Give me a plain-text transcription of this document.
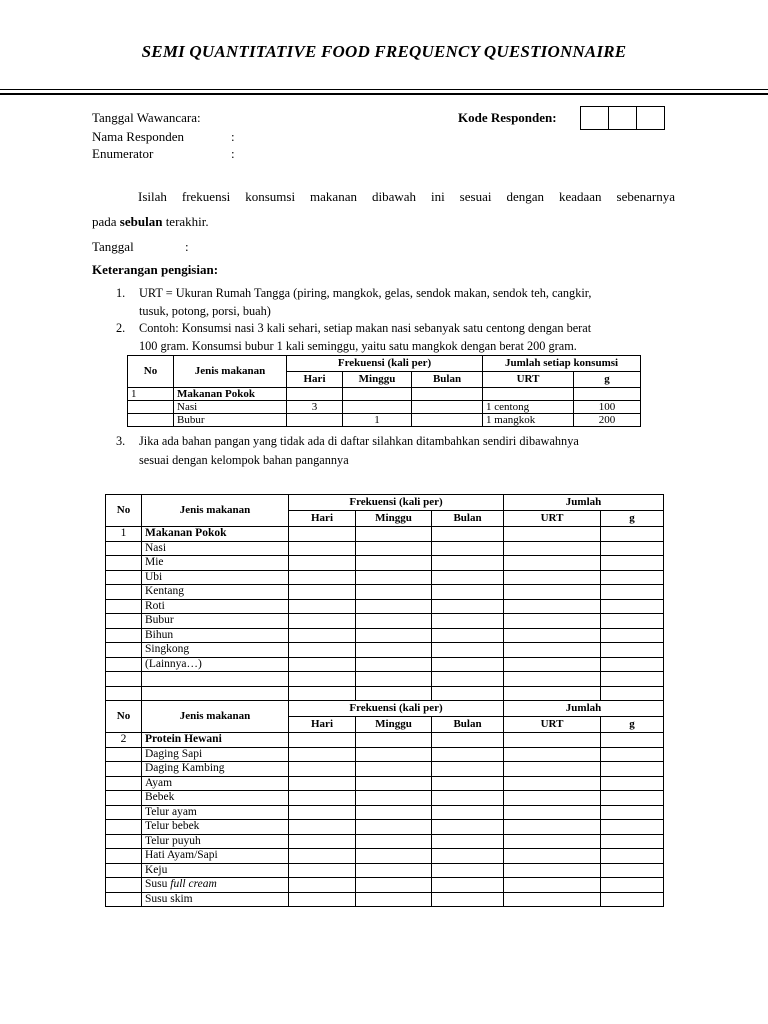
SEMI QUANTITATIVE FOOD FREQUENCY QUESTIONNAIRE
Tanggal Wawancara:	Kode Responden:
Nama Responden	:
Enumerator	:
Isilah frekuensi konsumsi makanan dibawah ini sesuai dengan keadaan sebenarnya
pada sebulan terakhir.
Tanggal	:
Keterangan pengisian:
1. URT = Ukuran Rumah Tangga (piring, mangkok, gelas, sendok makan, sendok teh, cangkir,
tusuk, potong, porsi, buah)
2. Contoh: Konsumsi nasi 3 kali sehari, setiap makan nasi sebanyak satu centong dengan berat
100 gram. Konsumsi bubur 1 kali seminggu, yaitu satu mangkok dengan berat 200 gram.
No	Jenis makanan	Frekuensi (kali per)			Jumlah setiap konsumsi	
		Hari	Minggu	Bulan	URT	g
1	Makanan Pokok					
	Nasi	3			1 centong	100
	Bubur		1		1 mangkok	200
3. Jika ada bahan pangan yang tidak ada di daftar silahkan ditambahkan sendiri dibawahnya
sesuai dengan kelompok bahan pangannya
No	Jenis makanan	Frekuensi (kali per)			Jumlah	
		Hari	Minggu	Bulan	URT	g
1	Makanan Pokok					
	Nasi					
	Mie					
	Ubi					
	Kentang					
	Roti					
	Bubur					
	Bihun					
	Singkong					
	(Lainnya…)					

No	Jenis makanan	Frekuensi (kali per)			Jumlah	
		Hari	Minggu	Bulan	URT	g
2	Protein Hewani					
	Daging Sapi					
	Daging Kambing					
	Ayam					
	Bebek					
	Telur ayam					
	Telur bebek					
	Telur puyuh					
	Hati Ayam/Sapi					
	Keju					
	Susu full cream					
	Susu skim					
